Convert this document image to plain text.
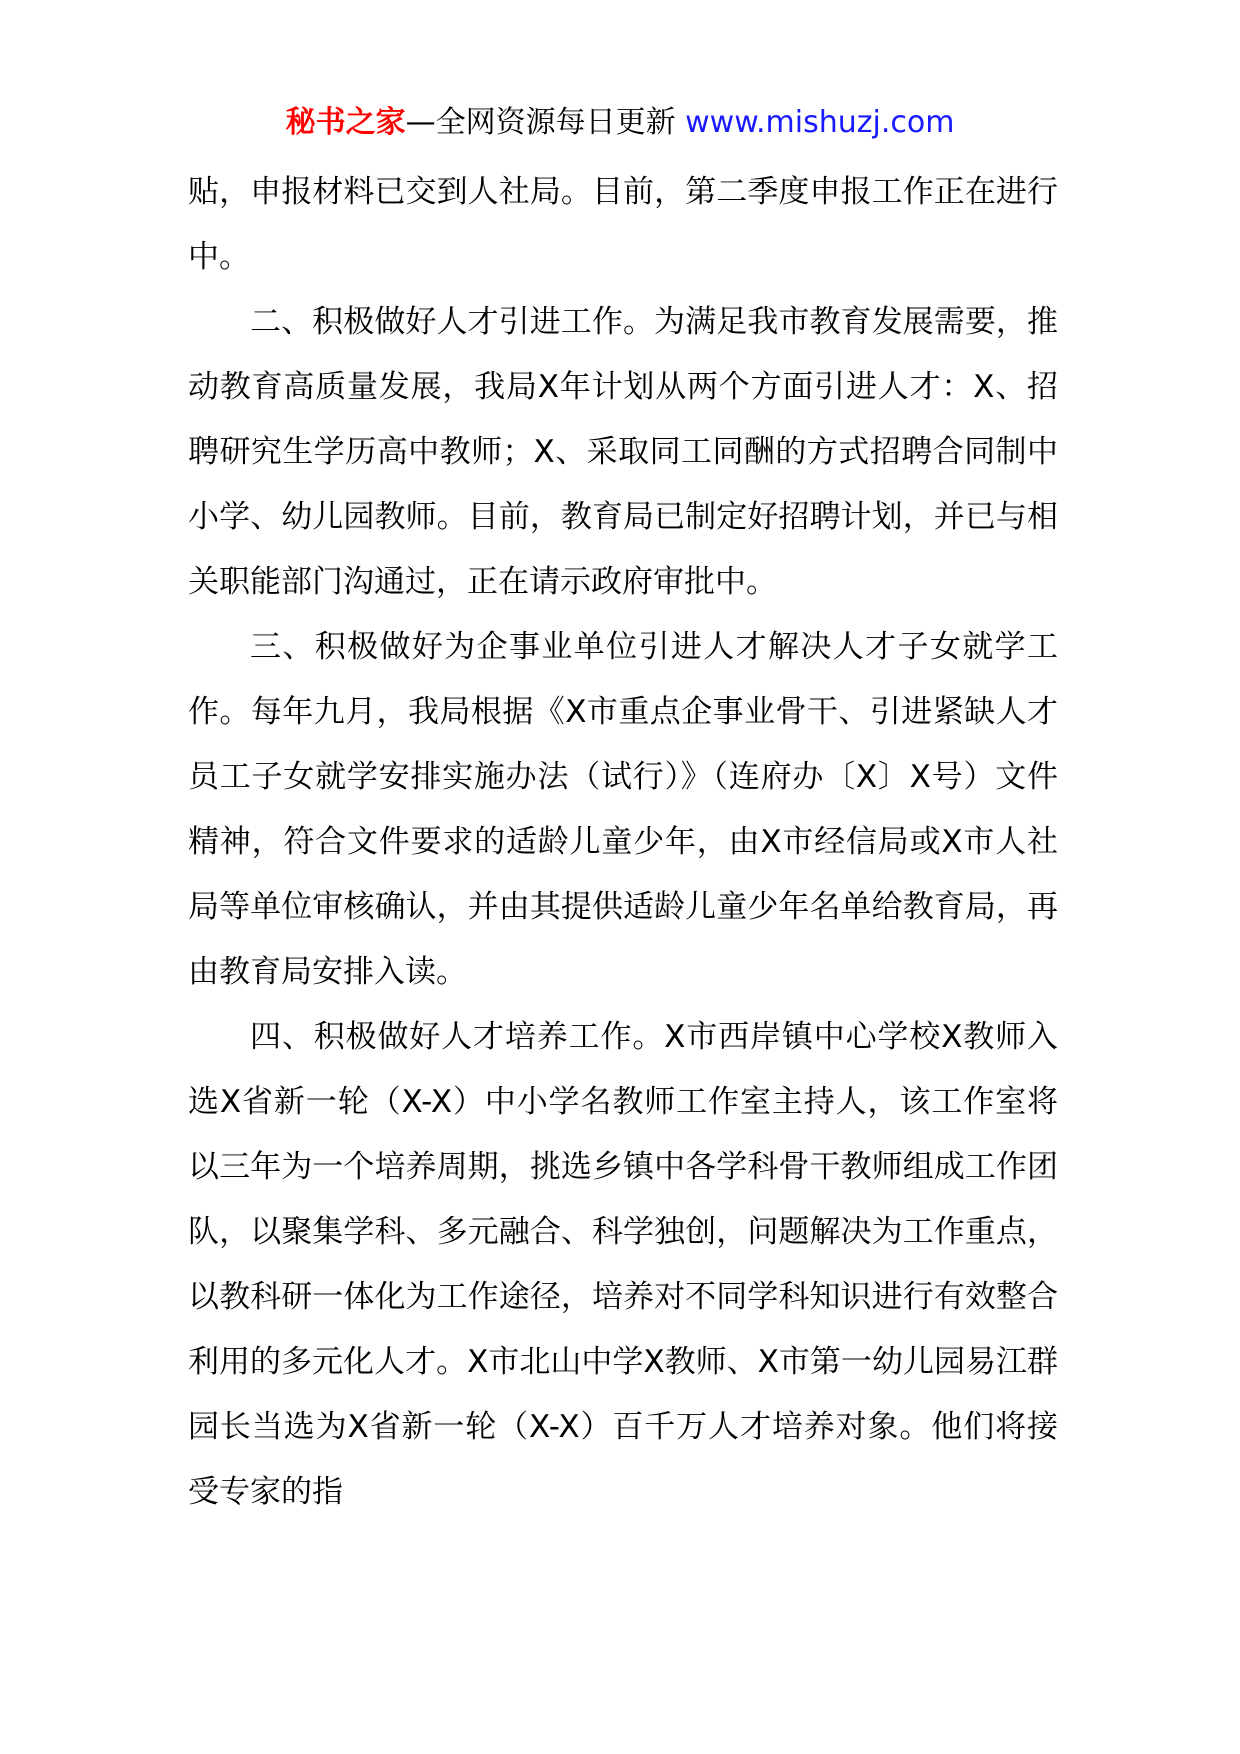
秘书之家—全网资源每日更新 www.mishuzj.com

贴，申报材料已交到人社局。目前，第二季度申报工作正在进行中。

二、积极做好人才引进工作。为满足我市教育发展需要，推动教育高质量发展，我局X年计划从两个方面引进人才：X、招聘研究生学历高中教师；X、采取同工同酬的方式招聘合同制中小学、幼儿园教师。目前，教育局已制定好招聘计划，并已与相关职能部门沟通过，正在请示政府审批中。

三、积极做好为企事业单位引进人才解决人才子女就学工作。每年九月，我局根据《X市重点企事业骨干、引进紧缺人才员工子女就学安排实施办法（试行）》（连府办〔X〕X号）文件精神，符合文件要求的适龄儿童少年，由X市经信局或X市人社局等单位审核确认，并由其提供适龄儿童少年名单给教育局，再由教育局安排入读。

四、积极做好人才培养工作。X市西岸镇中心学校X教师入选X省新一轮（X-X）中小学名教师工作室主持人，该工作室将以三年为一个培养周期，挑选乡镇中各学科骨干教师组成工作团队，以聚集学科、多元融合、科学独创，问题解决为工作重点，以教科研一体化为工作途径，培养对不同学科知识进行有效整合利用的多元化人才。X市北山中学X教师、X市第一幼儿园易江群园长当选为X省新一轮（X-X）百千万人才培养对象。他们将接受专家的指
